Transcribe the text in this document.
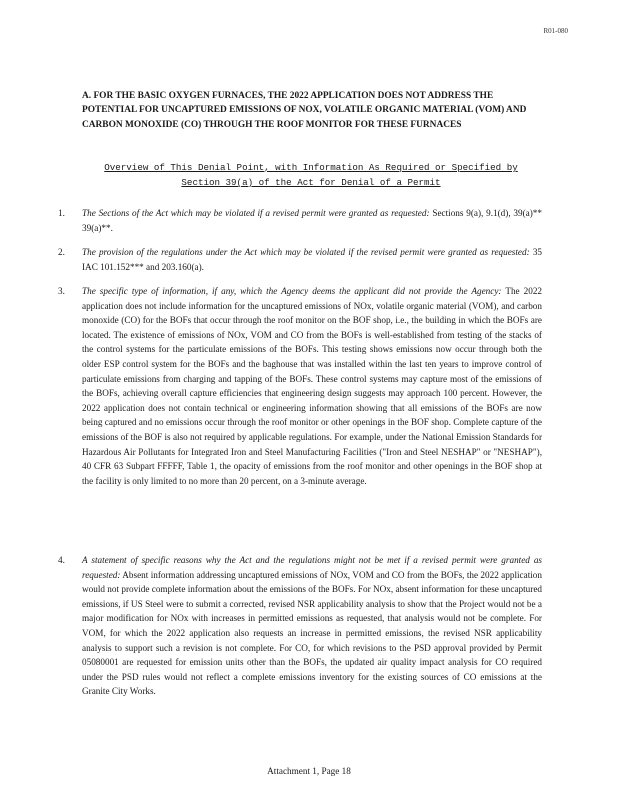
R01-080
A. FOR THE BASIC OXYGEN FURNACES, THE 2022 APPLICATION DOES NOT ADDRESS THE POTENTIAL FOR UNCAPTURED EMISSIONS OF NOX, VOLATILE ORGANIC MATERIAL (VOM) AND CARBON MONOXIDE (CO) THROUGH THE ROOF MONITOR FOR THESE FURNACES
Overview of This Denial Point, with Information As Required or Specified by Section 39(a) of the Act for Denial of a Permit
1.	The Sections of the Act which may be violated if a revised permit were granted as requested: Sections 9(a), 9.1(d), 39(a)** 39(a)**.
2.	The provision of the regulations under the Act which may be violated if the revised permit were granted as requested: 35 IAC 101.152*** and 203.160(a).
3.	The specific type of information, if any, which the Agency deems the applicant did not provide the Agency: The 2022 application does not include information for the uncaptured emissions of NOx, volatile organic material (VOM), and carbon monoxide (CO) for the BOFs that occur through the roof monitor on the BOF shop, i.e., the building in which the BOFs are located. The existence of emissions of NOx, VOM and CO from the BOFs is well-established from testing of the stacks of the control systems for the particulate emissions of the BOFs. This testing shows emissions now occur through both the older ESP control system for the BOFs and the baghouse that was installed within the last ten years to improve control of particulate emissions from charging and tapping of the BOFs. These control systems may capture most of the emissions of the BOFs, achieving overall capture efficiencies that engineering design suggests may approach 100 percent. However, the 2022 application does not contain technical or engineering information showing that all emissions of the BOFs are now being captured and no emissions occur through the roof monitor or other openings in the BOF shop. Complete capture of the emissions of the BOF is also not required by applicable regulations. For example, under the National Emission Standards for Hazardous Air Pollutants for Integrated Iron and Steel Manufacturing Facilities ("Iron and Steel NESHAP" or "NESHAP"), 40 CFR 63 Subpart FFFFF, Table 1, the opacity of emissions from the roof monitor and other openings in the BOF shop at the facility is only limited to no more than 20 percent, on a 3-minute average.
4.	A statement of specific reasons why the Act and the regulations might not be met if a revised permit were granted as requested: Absent information addressing uncaptured emissions of NOx, VOM and CO from the BOFs, the 2022 application would not provide complete information about the emissions of the BOFs. For NOx, absent information for these uncaptured emissions, if US Steel were to submit a corrected, revised NSR applicability analysis to show that the Project would not be a major modification for NOx with increases in permitted emissions as requested, that analysis would not be complete. For VOM, for which the 2022 application also requests an increase in permitted emissions, the revised NSR applicability analysis to support such a revision is not complete. For CO, for which revisions to the PSD approval provided by Permit 05080001 are requested for emission units other than the BOFs, the updated air quality impact analysis for CO required under the PSD rules would not reflect a complete emissions inventory for the existing sources of CO emissions at the Granite City Works.
Attachment 1, Page 18
